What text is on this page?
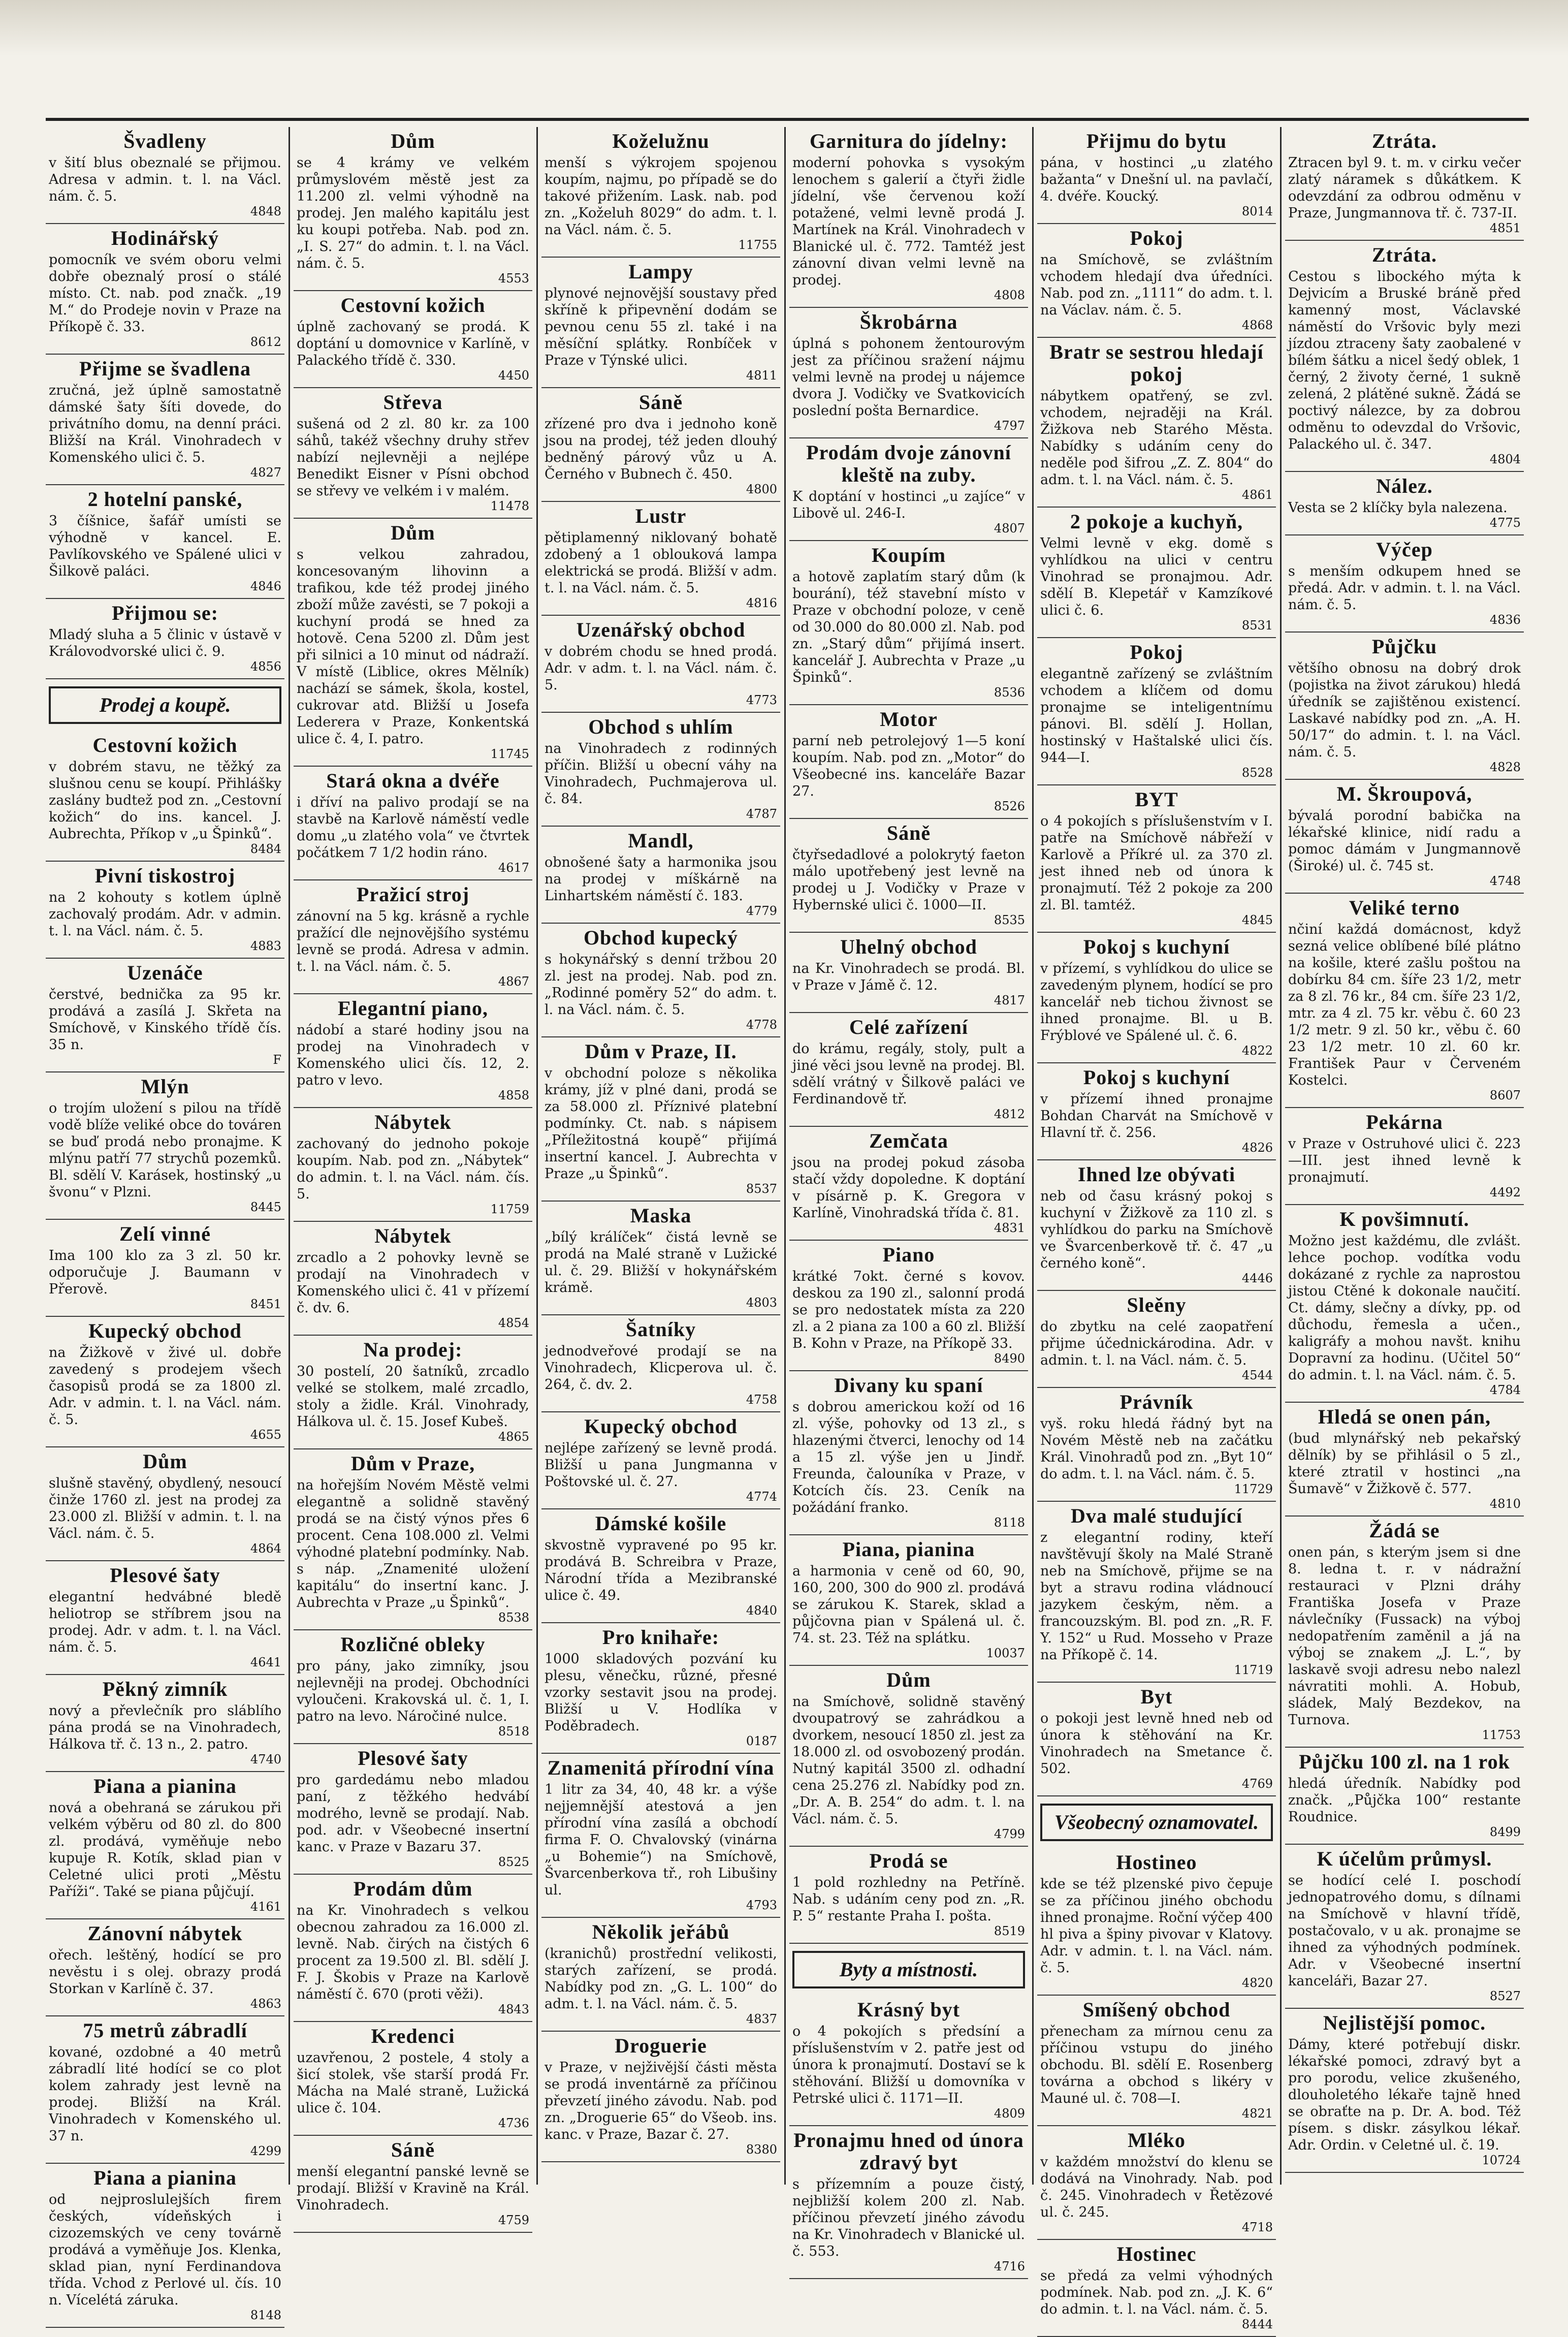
Švadleny

v šití blus obeznalé se přijmou. Adresa v admin. t. l. na Václ. nám. č. 5.

4848
Hodinářský

pomocník ve svém oboru velmi dobře obeznalý prosí o stálé místo. Ct. nab. pod značk. „19 M.“ do Prodeje novin v Praze na Příkopě č. 33.

8612
Přijme se švadlena

zručná, jež úplně samostatně dámské šaty šíti dovede, do privátního domu, na denní práci. Bližší na Král. Vinohradech v Komenského ulici č. 5.

4827
2 hotelní panské,

3 číšnice, šafář umísti se výhodně v kancel. E. Pavlíkovského ve Spálené ulici v Šilkově paláci.

4846
Přijmou se:

Mladý sluha a 5 člinic v ústavě v Královodvorské ulici č. 9.

4856
Prodej a koupě.
Cestovní kožich

v dobrém stavu, ne těžký za slušnou cenu se koupí. Přihlášky zaslány budtež pod zn. „Cestovní kožich“ do ins. kancel. J. Aubrechta, Příkop v „u Špinků“.

8484
Pivní tiskostroj

na 2 kohouty s kotlem úplně zachovalý prodám. Adr. v admin. t. l. na Václ. nám. č. 5.

4883
Uzenáče

čerstvé, bednička za 95 kr. prodává a zasílá J. Skřeta na Smíchově, v Kinského třídě čís. 35 n.

F
Mlýn

o trojím uložení s pilou na třídě vodě blíže veliké obce do továren se buď prodá nebo pronajme. K mlýnu patří 77 strychů pozemků. Bl. sdělí V. Karásek, hostinský „u švonu“ v Plzni.

8445
Zelí vinné

Ima 100 klo za 3 zl. 50 kr. odporučuje J. Baumann v Přerově.

8451
Kupecký obchod

na Žižkově v živé ul. dobře zavedený s prodejem všech časopisů prodá se za 1800 zl. Adr. v admin. t. l. na Václ. nám. č. 5.

4655
Dům

slušně stavěný, obydlený, nesoucí činže 1760 zl. jest na prodej za 23.000 zl. Bližší v admin. t. l. na Václ. nám. č. 5.

4864
Plesové šaty

elegantní hedvábné bledě heliotrop se stříbrem jsou na prodej. Adr. v adm. t. l. na Václ. nám. č. 5.

4641
Pěkný zimník

nový a převlečník pro sláblího pána prodá se na Vinohradech, Hálkova tř. č. 13 n., 2. patro.

4740
Piana a pianina

nová a obehraná se zárukou při velkém výběru od 80 zl. do 800 zl. prodává, vyměňuje nebo kupuje R. Kotík, sklad pian v Celetné ulici proti „Městu Paříži“. Také se piana půjčují.

4161
Zánovní nábytek

ořech. leštěný, hodící se pro nevěstu i s olej. obrazy prodá Storkan v Karlíně č. 37.

4863
75 metrů zábradlí

kované, ozdobné a 40 metrů zábradlí lité hodící se co plot kolem zahrady jest levně na prodej. Bližší na Král. Vinohradech v Komenského ul. 37 n.

4299
Piana a pianina

od nejproslulejších firem českých, vídeňských i cizozemských ve ceny továrně prodává a vyměňuje Jos. Klenka, sklad pian, nyní Ferdinandova třída. Vchod z Perlové ul. čís. 10 n. Vícelétá záruka.

8148
Dům

se 4 krámy ve velkém průmyslovém městě jest za 11.200 zl. velmi výhodně na prodej. Jen malého kapitálu jest ku koupi potřeba. Nab. pod zn. „I. S. 27“ do admin. t. l. na Václ. nám. č. 5.

4553
Cestovní kožich

úplně zachovaný se prodá. K doptání u domovnice v Karlíně, v Palackého třídě č. 330.

4450
Střeva

sušená od 2 zl. 80 kr. za 100 sáhů, takéž všechny druhy střev nabízí nejlevněji a nejlépe Benedikt Eisner v Písni obchod se střevy ve velkém i v malém.

11478
Dům

s velkou zahradou, koncesovaným lihovinn a trafikou, kde též prodej jiného zboží může zavésti, se 7 pokoji a kuchyní prodá se hned za hotově. Cena 5200 zl. Dům jest při silnici a 10 minut od nádraží. V místě (Liblice, okres Mělník) nachází se sámek, škola, kostel, cukrovar atd. Bližší u Josefa Lederera v Praze, Konkentská ulice č. 4, I. patro.

11745
Stará okna a dvéře

i dříví na palivo prodají se na stavbě na Karlově náměstí vedle domu „u zlatého vola“ ve čtvrtek počátkem 7 1/2 hodin ráno.

4617
Pražicí stroj

zánovní na 5 kg. krásně a rychle pražící dle nejnovějšího systému levně se prodá. Adresa v admin. t. l. na Václ. nám. č. 5.

4867
Elegantní piano,

nádobí a staré hodiny jsou na prodej na Vinohradech v Komenského ulici čís. 12, 2. patro v levo.

4858
Nábytek

zachovaný do jednoho pokoje koupím. Nab. pod zn. „Nábytek“ do admin. t. l. na Václ. nám. čís. 5.

11759
Nábytek

zrcadlo a 2 pohovky levně se prodají na Vinohradech v Komenského ulici č. 41 v přízemí č. dv. 6.

4854
Na prodej:

30 postelí, 20 šatníků, zrcadlo velké se stolkem, malé zrcadlo, stoly a židle. Král. Vinohrady, Hálkova ul. č. 15. Josef Kubeš.

4865
Dům v Praze,

na hořejším Novém Městě velmi elegantně a solidně stavěný prodá se na čistý výnos přes 6 procent. Cena 108.000 zl. Velmi výhodné platební podmínky. Nab. s náp. „Znamenité uložení kapitálu“ do insertní kanc. J. Aubrechta v Praze „u Špinků“.

8538
Rozličné obleky

pro pány, jako zimníky, jsou nejlevněji na prodej. Obchodníci vyloučeni. Krakovská ul. č. 1, I. patro na levo. Náročiné nulce.

8518
Plesové šaty

pro gardedámu nebo mladou paní, z těžkého hedvábí modrého, levně se prodají. Nab. pod. adr. v Všeobecné insertní kanc. v Praze v Bazaru 37.

8525
Prodám dům

na Kr. Vinohradech s velkou obecnou zahradou za 16.000 zl. levně. Nab. čirých na čistých 6 procent za 19.500 zl. Bl. sdělí J. F. J. Škobis v Praze na Karlově náměstí č. 670 (proti věži).

4843
Kredenci

uzavřenou, 2 postele, 4 stoly a šicí stolek, vše starší prodá Fr. Mácha na Malé straně, Lužická ulice č. 104.

4736
Sáně

menší elegantní panské levně se prodají. Bližší v Kravině na Král. Vinohradech.

4759
Koželužnu

menší s výkrojem spojenou koupím, najmu, po případě se do takové přižením. Lask. nab. pod zn. „Koželuh 8029“ do adm. t. l. na Václ. nám. č. 5.

11755
Lampy

plynové nejnovější soustavy před skříně k připevnění dodám se pevnou cenu 55 zl. také i na měsíční splátky. Ronbíček v Praze v Týnské ulici.

4811
Sáně

zřízené pro dva i jednoho koně jsou na prodej, též jeden dlouhý bedněný párový vůz u A. Černého v Bubnech č. 450.

4800
Lustr

pětiplamenný niklovaný bohatě zdobený a 1 oblouková lampa elektrická se prodá. Bližší v adm. t. l. na Václ. nám. č. 5.

4816
Uzenářský obchod

v dobrém chodu se hned prodá. Adr. v adm. t. l. na Václ. nám. č. 5.

4773
Obchod s uhlím

na Vinohradech z rodinných příčin. Bližší u obecní váhy na Vinohradech, Puchmajerova ul. č. 84.

4787
Mandl,

obnošené šaty a harmonika jsou na prodej v míškárně na Linhartském náměstí č. 183.

4779
Obchod kupecký

s hokynářský s denní tržbou 20 zl. jest na prodej. Nab. pod zn. „Rodinné poměry 52“ do adm. t. l. na Václ. nám. č. 5.

4778
Dům v Praze, II.

v obchodní poloze s několika krámy, jíž v plné dani, prodá se za 58.000 zl. Příznivé platební podmínky. Ct. nab. s nápisem „Příležitostná koupě“ přijímá insertní kancel. J. Aubrechta v Praze „u Špinků“.

8537
Maska

„bílý králíček“ čistá levně se prodá na Malé straně v Lužické ul. č. 29. Bližší v hokynářském krámě.

4803
Šatníky

jednodveřové prodají se na Vinohradech, Klicperova ul. č. 264, č. dv. 2.

4758
Kupecký obchod

nejlépe zařízený se levně prodá. Bližší u pana Jungmanna v Poštovské ul. č. 27.

4774
Dámské košile

skvostně vypravené po 95 kr. prodává B. Schreibra v Praze, Národní třída a Mezibranské ulice č. 49.

4840
Pro knihaře:

1000 skladových pozvání ku plesu, věnečku, různé, přesné vzorky sestavit jsou na prodej. Bližší u V. Hodlíka v Poděbradech.

0187
Znamenitá přírodní vína

1 litr za 34, 40, 48 kr. a výše nejjemnější atestová a jen přírodní vína zasílá a obchodí firma F. O. Chvalovský (vinárna „u Bohemie“) na Smíchově, Švarcenberkova tř., roh Libušiny ul.

4793
Několik jeřábů

(kranichů) prostřední velikosti, starých zařízení, se prodá. Nabídky pod zn. „G. L. 100“ do adm. t. l. na Václ. nám. č. 5.

4837
Droguerie

v Praze, v nejživější části města se prodá inventárně za příčinou převzetí jiného závodu. Nab. pod zn. „Droguerie 65“ do Všeob. ins. kanc. v Praze, Bazar č. 27.

8380
Garnitura do jídelny:

moderní pohovka s vysokým lenochem s galerií a čtyři židle jídelní, vše červenou koží potažené, velmi levně prodá J. Martínek na Král. Vinohradech v Blanické ul. č. 772. Tamtéž jest zánovní divan velmi levně na prodej.

4808
Škrobárna

úplná s pohonem žentourovým jest za příčinou sražení nájmu velmi levně na prodej u nájemce dvora J. Vodičky ve Svatkovicích poslední pošta Bernardice.

4797
Prodám dvoje zánovní kleště na zuby.

K doptání v hostinci „u zajíce“ v Libově ul. 246-I.

4807
Koupím

a hotově zaplatím starý dům (k bourání), též stavební místo v Praze v obchodní poloze, v ceně od 30.000 do 80.000 zl. Nab. pod zn. „Starý dům“ přijímá insert. kancelář J. Aubrechta v Praze „u Špinků“.

8536
Motor

parní neb petrolejový 1—5 koní koupím. Nab. pod zn. „Motor“ do Všeobecné ins. kanceláře Bazar 27.

8526
Sáně

čtyřsedadlové a polokrytý faeton málo upotřebený jest levně na prodej u J. Vodičky v Praze v Hybernské ulici č. 1000—II.

8535
Uhelný obchod

na Kr. Vinohradech se prodá. Bl. v Praze v Jámě č. 12.

4817
Celé zařízení

do krámu, regály, stoly, pult a jiné věci jsou levně na prodej. Bl. sdělí vrátný v Šilkově paláci ve Ferdinandově tř.

4812
Zemčata

jsou na prodej pokud zásoba stačí vždy dopoledne. K doptání v písárně p. K. Gregora v Karlíně, Vinohradská třída č. 81.

4831
Piano

krátké 7okt. černé s kovov. deskou za 190 zl., salonní prodá se pro nedostatek místa za 220 zl. a 2 piana za 100 a 60 zl. Bližší B. Kohn v Praze, na Příkopě 33.

8490
Divany ku spaní

s dobrou americkou koží od 16 zl. výše, pohovky od 13 zl., s hlazenými čtverci, lenochy od 14 a 15 zl. výše jen u Jindř. Freunda, čalouníka v Praze, v Kotcích čís. 23. Ceník na požádání franko.

8118
Piana, pianina

a harmonia v ceně od 60, 90, 160, 200, 300 do 900 zl. prodává se zárukou K. Starek, sklad a půjčovna pian v Spálená ul. č. 74. st. 23. Též na splátku.

10037
Dům

na Smíchově, solidně stavěný dvoupatrový se zahrádkou a dvorkem, nesoucí 1850 zl. jest za 18.000 zl. od osvobozený prodán. Nutný kapitál 3500 zl. odhadní cena 25.276 zl. Nabídky pod zn. „Dr. A. B. 254“ do adm. t. l. na Václ. nám. č. 5.

4799
Prodá se

1 pold rozhledny na Petříně. Nab. s udáním ceny pod zn. „R. P. 5“ restante Praha I. pošta.

8519
Byty a místnosti.
Krásný byt

o 4 pokojích s předsíní a příslušenstvím v 2. patře jest od února k pronajmutí. Dostaví se k stěhování. Bližší u domovníka v Petrské ulici č. 1171—II.

4809
Pronajmu hned od února zdravý byt

s přízemním a pouze čistý, nejbližší kolem 200 zl. Nab. příčinou převzetí jiného závodu na Kr. Vinohradech v Blanické ul. č. 553.

4716
Přijmu do bytu

pána, v hostinci „u zlatého bažanta“ v Dnešní ul. na pavlačí, 4. dvéře. Koucký.

8014
Pokoj

na Smíchově, se zvláštním vchodem hledají dva úředníci. Nab. pod zn. „1111“ do adm. t. l. na Václav. nám. č. 5.

4868
Bratr se sestrou hledají pokoj

nábytkem opatřený, se zvl. vchodem, nejraději na Král. Žižkova neb Starého Města. Nabídky s udáním ceny do neděle pod šifrou „Z. Z. 804“ do adm. t. l. na Václ. nám. č. 5.

4861
2 pokoje a kuchyň,

Velmi levně v ekg. domě s vyhlídkou na ulici v centru Vinohrad se pronajmou. Adr. sdělí B. Klepetář v Kamzíkové ulici č. 6.

8531
Pokoj

elegantně zařízený se zvláštním vchodem a klíčem od domu pronajme se inteligentnímu pánovi. Bl. sdělí J. Hollan, hostinský v Haštalské ulici čís. 944—I.

8528
BYT

o 4 pokojích s příslušenstvím v I. patře na Smíchově nábřeží v Karlově a Příkré ul. za 370 zl. jest ihned neb od února k pronajmutí. Též 2 pokoje za 200 zl. Bl. tamtéž.

4845
Pokoj s kuchyní

v přízemí, s vyhlídkou do ulice se zavedeným plynem, hodící se pro kancelář neb tichou živnost se ihned pronajme. Bl. u B. Frýblové ve Spálené ul. č. 6.

4822
Pokoj s kuchyní

v přízemí ihned pronajme Bohdan Charvát na Smíchově v Hlavní tř. č. 256.

4826
Ihned lze obývati

neb od času krásný pokoj s kuchyní v Žižkově za 110 zl. s vyhlídkou do parku na Smíchově ve Švarcenberkově tř. č. 47 „u černého koně“.

4446
Sleěny

do zbytku na celé zaopatření přijme účednickárodina. Adr. v admin. t. l. na Václ. nám. č. 5.

4544
Právník

vyš. roku hledá řádný byt na Novém Městě neb na začátku Král. Vinohradů pod zn. „Byt 10“ do adm. t. l. na Václ. nám. č. 5.

11729
Dva malé studující

z elegantní rodiny, kteří navštěvují školy na Malé Straně neb na Smíchově, přijme se na byt a stravu rodina vládnoucí jazykem českým, něm. a francouzským. Bl. pod zn. „R. F. Y. 152“ u Rud. Mosseho v Praze na Příkopě č. 14.

11719
Byt

o pokoji jest levně hned neb od února k stěhování na Kr. Vinohradech na Smetance č. 502.

4769
Všeobecný oznamovatel.
Hostineo

kde se též plzenské pivo čepuje se za příčinou jiného obchodu ihned pronajme. Roční výčep 400 hl piva a špiny pivovar v Klatovy. Adr. v admin. t. l. na Václ. nám. č. 5.

4820
Smíšený obchod

přenecham za mírnou cenu za příčinou vstupu do jiného obchodu. Bl. sdělí E. Rosenberg továrna a obchod s likéry v Mauné ul. č. 708—I.

4821
Mléko

v každém množství do klenu se dodává na Vinohrady. Nab. pod č. 245. Vinohradech v Řetězové ul. č. 245.

4718
Hostinec

se předá za velmi výhodných podmínek. Nab. pod zn. „J. K. 6“ do admin. t. l. na Václ. nám. č. 5.

8444
Ztráta.

Ztracen byl 9. t. m. v cirku večer zlatý náramek s důkátkem. K odevzdání za odbrou odměnu v Praze, Jungmannova tř. č. 737-II.

4851
Ztráta.

Cestou s libockého mýta k Dejvicím a Bruské bráně před kamenný most, Václavské náměstí do Vršovic byly mezi jízdou ztraceny šaty zaobalené v bílém šátku a nicel šedý oblek, 1 černý, 2 životy černé, 1 sukně zelená, 2 plátěné sukně. Žádá se poctivý nálezce, by za dobrou odměnu to odevzdal do Vršovic, Palackého ul. č. 347.

4804
Nález.

Vesta se 2 klíčky byla nalezena.

4775
Výčep

s menším odkupem hned se předá. Adr. v admin. t. l. na Václ. nám. č. 5.

4836
Půjčku

většího obnosu na dobrý drok (pojistka na život zárukou) hledá úředník se zajištěnou existencí. Laskavé nabídky pod zn. „A. H. 50/17“ do admin. t. l. na Václ. nám. č. 5.

4828
M. Škroupová,

bývalá porodní babička na lékařské klinice, nidí radu a pomoc dámám v Jungmannově (Široké) ul. č. 745 st.

4748
Veliké terno

nčiní každá domácnost, když sezná velice oblíbené bílé plátno na košile, které zašlu poštou na dobírku 84 cm. šíře 23 1/2, metr za 8 zl. 76 kr., 84 cm. šíře 23 1/2, mtr. za 4 zl. 75 kr. věbu č. 60 23 1/2 metr. 9 zl. 50 kr., věbu č. 60 23 1/2 metr. 10 zl. 60 kr. František Paur v Červeném Kostelci.

8607
Pekárna

v Praze v Ostruhové ulici č. 223—III. jest ihned levně k pronajmutí.

4492
K povšimnutí.

Možno jest každému, dle zvlášt. lehce pochop. vodítka vodu dokázané z rychle za naprostou jistou Ctěné k dokonale naučití. Ct. dámy, slečny a dívky, pp. od důchodu, řemesla a učen., kaligráfy a mohou navšt. knihu Dopravní za hodinu. (Učitel 50“ do admin. t. l. na Václ. nám. č. 5.

4784
Hledá se onen pán,

(bud mlynářský neb pekařský dělník) by se přihlásil o 5 zl., které ztratil v hostinci „na Šumavě“ v Žižkově č. 577.

4810
Žádá se

onen pán, s kterým jsem si dne 8. ledna t. r. v nádražní restauraci v Plzni dráhy Františka Josefa v Praze návlečníky (Fussack) na výboj nedopatřením zaměnil a já na výboj se znakem „J. L.“, by laskavě svoji adresu nebo nalezl návratiti mohli. A. Hobub, sládek, Malý Bezdekov, na Turnova.

11753
Půjčku 100 zl. na 1 rok

hledá úředník. Nabídky pod značk. „Půjčka 100“ restante Roudnice.

8499
K účelům průmysl.

se hodící celé I. poschodí jednopatrového domu, s dílnami na Smíchově v hlavní třídě, postačovalo, v u ak. pronajme se ihned za výhodných podmínek. Adr. v Všeobecné insertní kanceláři, Bazar 27.

8527
Nejlistější pomoc.

Dámy, které potřebují diskr. lékařské pomoci, zdravý byt a pro porodu, velice zkušeného, dlouholetého lékaře tajně hned se obraťte na p. Dr. A. bod. Též písem. s diskr. zásylkou lékař. Adr. Ordin. v Celetné ul. č. 19.

10724
